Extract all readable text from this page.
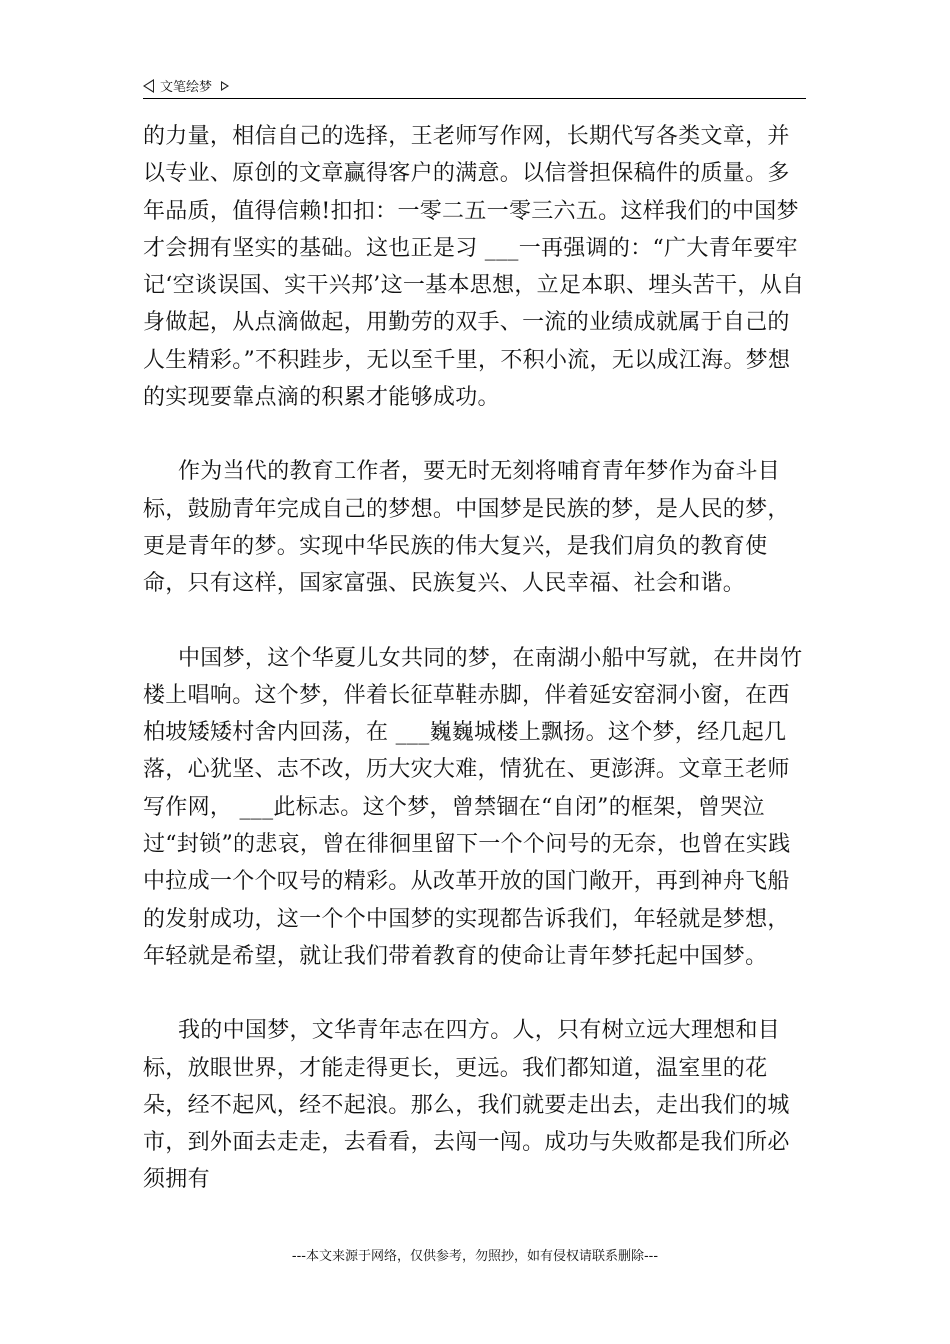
文笔绘梦

的力量，相信自己的选择，王老师写作网，长期代写各类文章，并以专业、原创的文章赢得客户的满意。以信誉担保稿件的质量。多年品质，值得信赖!扣扣：一零二五一零三六五。这样我们的中国梦才会拥有坚实的基础。这也正是习 ___一再强调的：“广大青年要牢记‘空谈误国、实干兴邦’这一基本思想，立足本职、埋头苦干，从自身做起，从点滴做起，用勤劳的双手、一流的业绩成就属于自己的人生精彩。”不积跬步，无以至千里，不积小流，无以成江海。梦想的实现要靠点滴的积累才能够成功。

作为当代的教育工作者，要无时无刻将哺育青年梦作为奋斗目标，鼓励青年完成自己的梦想。中国梦是民族的梦，是人民的梦，更是青年的梦。实现中华民族的伟大复兴，是我们肩负的教育使命，只有这样，国家富强、民族复兴、人民幸福、社会和谐。

中国梦，这个华夏儿女共同的梦，在南湖小船中写就，在井岗竹楼上唱响。这个梦，伴着长征草鞋赤脚，伴着延安窑洞小窗，在西柏坡矮矮村舍内回荡，在 ___巍巍城楼上飘扬。这个梦，经几起几落，心犹坚、志不改，历大灾大难，情犹在、更澎湃。文章王老师写作网， ___此标志。这个梦，曾禁锢在“自闭”的框架，曾哭泣过“封锁”的悲哀，曾在徘徊里留下一个个问号的无奈，也曾在实践中拉成一个个叹号的精彩。从改革开放的国门敞开，再到神舟飞船的发射成功，这一个个中国梦的实现都告诉我们，年轻就是梦想，年轻就是希望，就让我们带着教育的使命让青年梦托起中国梦。

我的中国梦，文华青年志在四方。人，只有树立远大理想和目标，放眼世界，才能走得更长，更远。我们都知道，温室里的花朵，经不起风，经不起浪。那么，我们就要走出去，走出我们的城市，到外面去走走，去看看，去闯一闯。成功与失败都是我们所必须拥有

---本文来源于网络，仅供参考，勿照抄，如有侵权请联系删除---
